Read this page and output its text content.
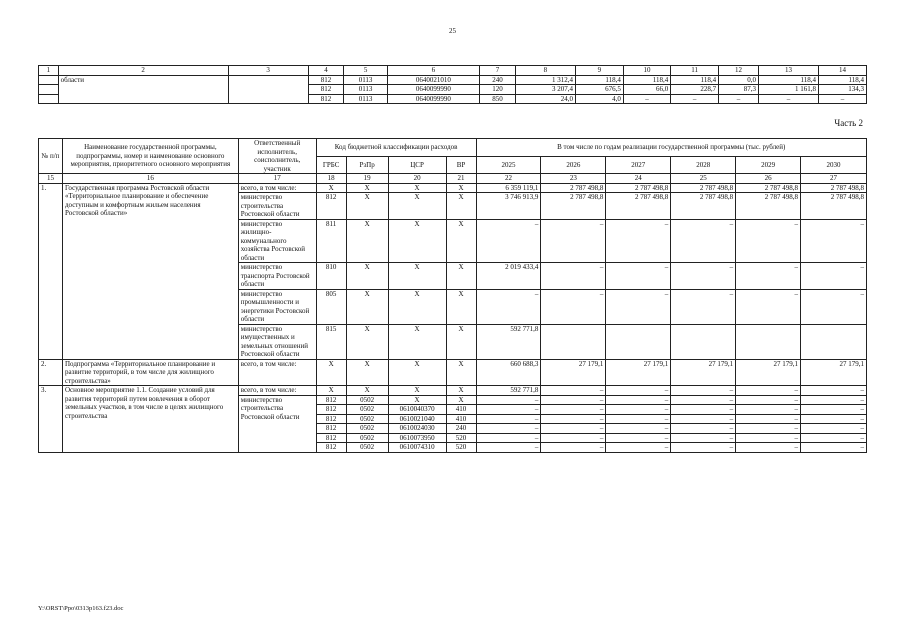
25
1	2	3	4	5	6	7	8	9	10	11	12	13	14
	области		812	0113	0640021010	240	1 312,4	118,4	118,4	118,4	0,0	118,4	118,4
			812	0113	0640099990	120	3 207,4	676,5	66,0	228,7	87,3	1 161,8	134,3
			812	0113	0640099990	850	24,0	4,0	–	–	–	–	–
Часть 2
№ п/п	Наименование государственной программы, подпрограммы, номер и наименование основного мероприятия, приоритетного основного мероприятия	Ответственный исполнитель, соисполнитель, участник	Код бюджетной классификации расходов				В том числе по годам реализации государственной программы (тыс. рублей)					
			ГРБС	РзПр	ЦСР	ВР	2025	2026	2027	2028	2029	2030
15	16	17	18	19	20	21	22	23	24	25	26	27
1.	Государственная программа Ростовской области «Территориальное планирование и обеспечение доступным и комфортным жильем населения Ростовской области»	всего, в том числе:	X	X	X	X	6 359 119,1	2 787 498,8	2 787 498,8	2 787 498,8	2 787 498,8	2 787 498,8
		министерство строительства Ростовской области	812	X	X	X	3 746 913,9	2 787 498,8	2 787 498,8	2 787 498,8	2 787 498,8	2 787 498,8
		министерство жилищно-коммунального хозяйства Ростовской области	811	X	X	X	–	–	–	–	–	–
		министерство транспорта Ростовской области	810	X	X	X	2 019 433,4	–	–	–	–	–
		министерство промышленности и энергетики Ростовской области	805	X	X	X	–	–	–	–	–	–
		министерство имущественных и земельных отношений Ростовской области	815	X	X	X	592 771,8					
2.	Подпрограмма «Территориальное планирование и развитие территорий, в том числе для жилищного строительства»	всего, в том числе:	X	X	X	X	660 688,3	27 179,1	27 179,1	27 179,1	27 179,1	27 179,1
3.	Основное мероприятие 1.1. Создание условий для развития территорий путем вовлечения в оборот земельных участков, в том числе в целях жилищного строительства	всего, в том числе:	X	X	X	X	592 771,8	–	–	–	–	–
		министерство строительства Ростовской области	812	0502	X	X	–	–	–	–	–	–
			812	0502	0610040370	410	–	–	–	–	–	–
			812	0502	0610021040	410	–	–	–	–	–	–
			812	0502	0610024030	240	–	–	–	–	–	–
			812	0502	0610073950	520	–	–	–	–	–	–
			812	0502	0610074310	520	–	–	–	–	–	–
Y:\ORST\Ppo\0313p163.f23.doc
